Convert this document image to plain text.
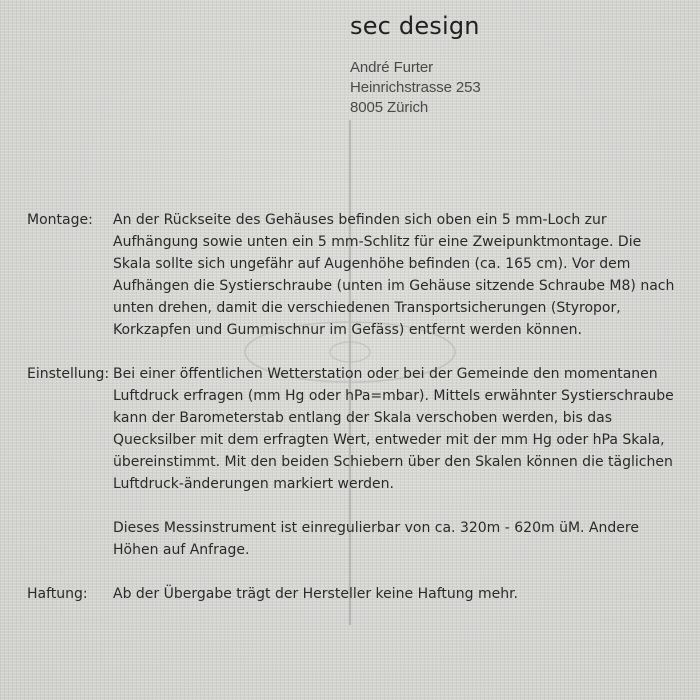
sec design
André Furter
Heinrichstrasse 253
8005 Zürich
Montage:	An der Rückseite des Gehäuses befinden sich oben ein 5 mm-Loch zur Aufhängung sowie unten ein 5 mm-Schlitz für eine Zweipunktmontage. Die Skala sollte sich ungefähr auf Augenhöhe befinden (ca. 165 cm). Vor dem Aufhängen die Systierschraube (unten im Gehäuse sitzende Schraube M8) nach unten drehen, damit die verschiedenen Transportsicherungen (Styropor, Korkzapfen und Gummischnur im Gefäss) entfernt werden können.

Einstellung: Bei einer öffentlichen Wetterstation oder bei der Gemeinde den momentanen Luftdruck erfragen (mm Hg oder hPa=mbar). Mittels erwähnter Systierschraube kann der Barometerstab entlang der Skala verschoben werden, bis das Quecksilber mit dem erfragten Wert, entweder mit der mm Hg oder hPa Skala, übereinstimmt. Mit den beiden Schiebern über den Skalen können die täglichen Luftdruck-änderungen markiert werden.

Dieses Messinstrument ist einregulierbar von ca. 320m - 620m üM. Andere Höhen auf Anfrage.

Haftung:	Ab der Übergabe trägt der Hersteller keine Haftung mehr.
